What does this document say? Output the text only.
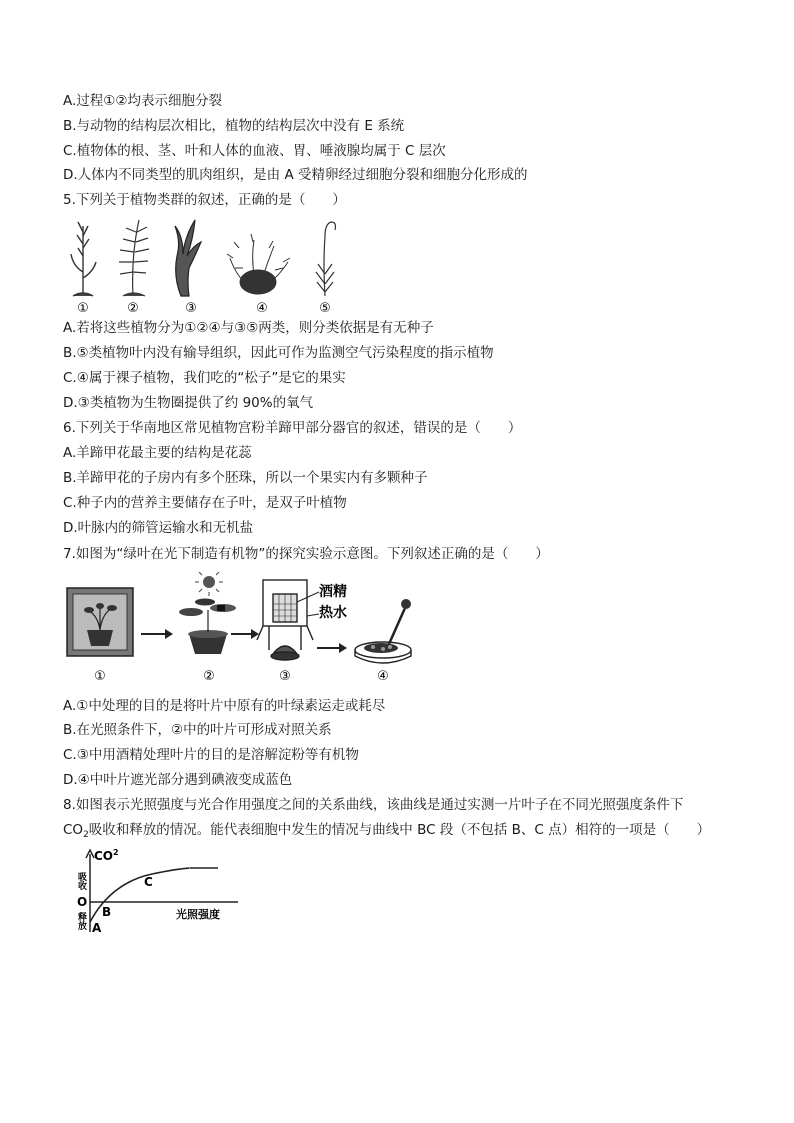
A.过程①②均表示细胞分裂
B.与动物的结构层次相比，植物的结构层次中没有 E 系统
C.植物体的根、茎、叶和人体的血液、胃、唾液腺均属于 C 层次
D.人体内不同类型的肌肉组织，是由 A 受精卵经过细胞分裂和细胞分化形成的
5.下列关于植物类群的叙述，正确的是（　　）
①	②	③	④	⑤
A.若将这些植物分为①②④与③⑤两类，则分类依据是有无种子
B.⑤类植物叶内没有输导组织，因此可作为监测空气污染程度的指示植物
C.④属于裸子植物，我们吃的“松子”是它的果实
D.③类植物为生物圈提供了约 90%的氧气
6.下列关于华南地区常见植物宫粉羊蹄甲部分器官的叙述，错误的是（　　）
A.羊蹄甲花最主要的结构是花蕊
B.羊蹄甲花的子房内有多个胚珠，所以一个果实内有多颗种子
C.种子内的营养主要储存在子叶，是双子叶植物
D.叶脉内的筛管运输水和无机盐
7.如图为“绿叶在光下制造有机物”的探究实验示意图。下列叙述正确的是（　　）
①	②
酒精
热水
③	④
A.①中处理的目的是将叶片中原有的叶绿素运走或耗尽
B.在光照条件下，②中的叶片可形成对照关系
C.③中用酒精处理叶片的目的是溶解淀粉等有机物
D.④中叶片遮光部分遇到碘液变成蓝色
8.如图表示光照强度与光合作用强度之间的关系曲线，该曲线是通过实测一片叶子在不同光照强度条件下
$CO_2$吸收和释放的情况。能代表细胞中发生的情况与曲线中 BC 段（不包括 B、C 点）相符的一项是（　　）
$CO^2$
吸收
释放
O
A
B
C
光照强度
